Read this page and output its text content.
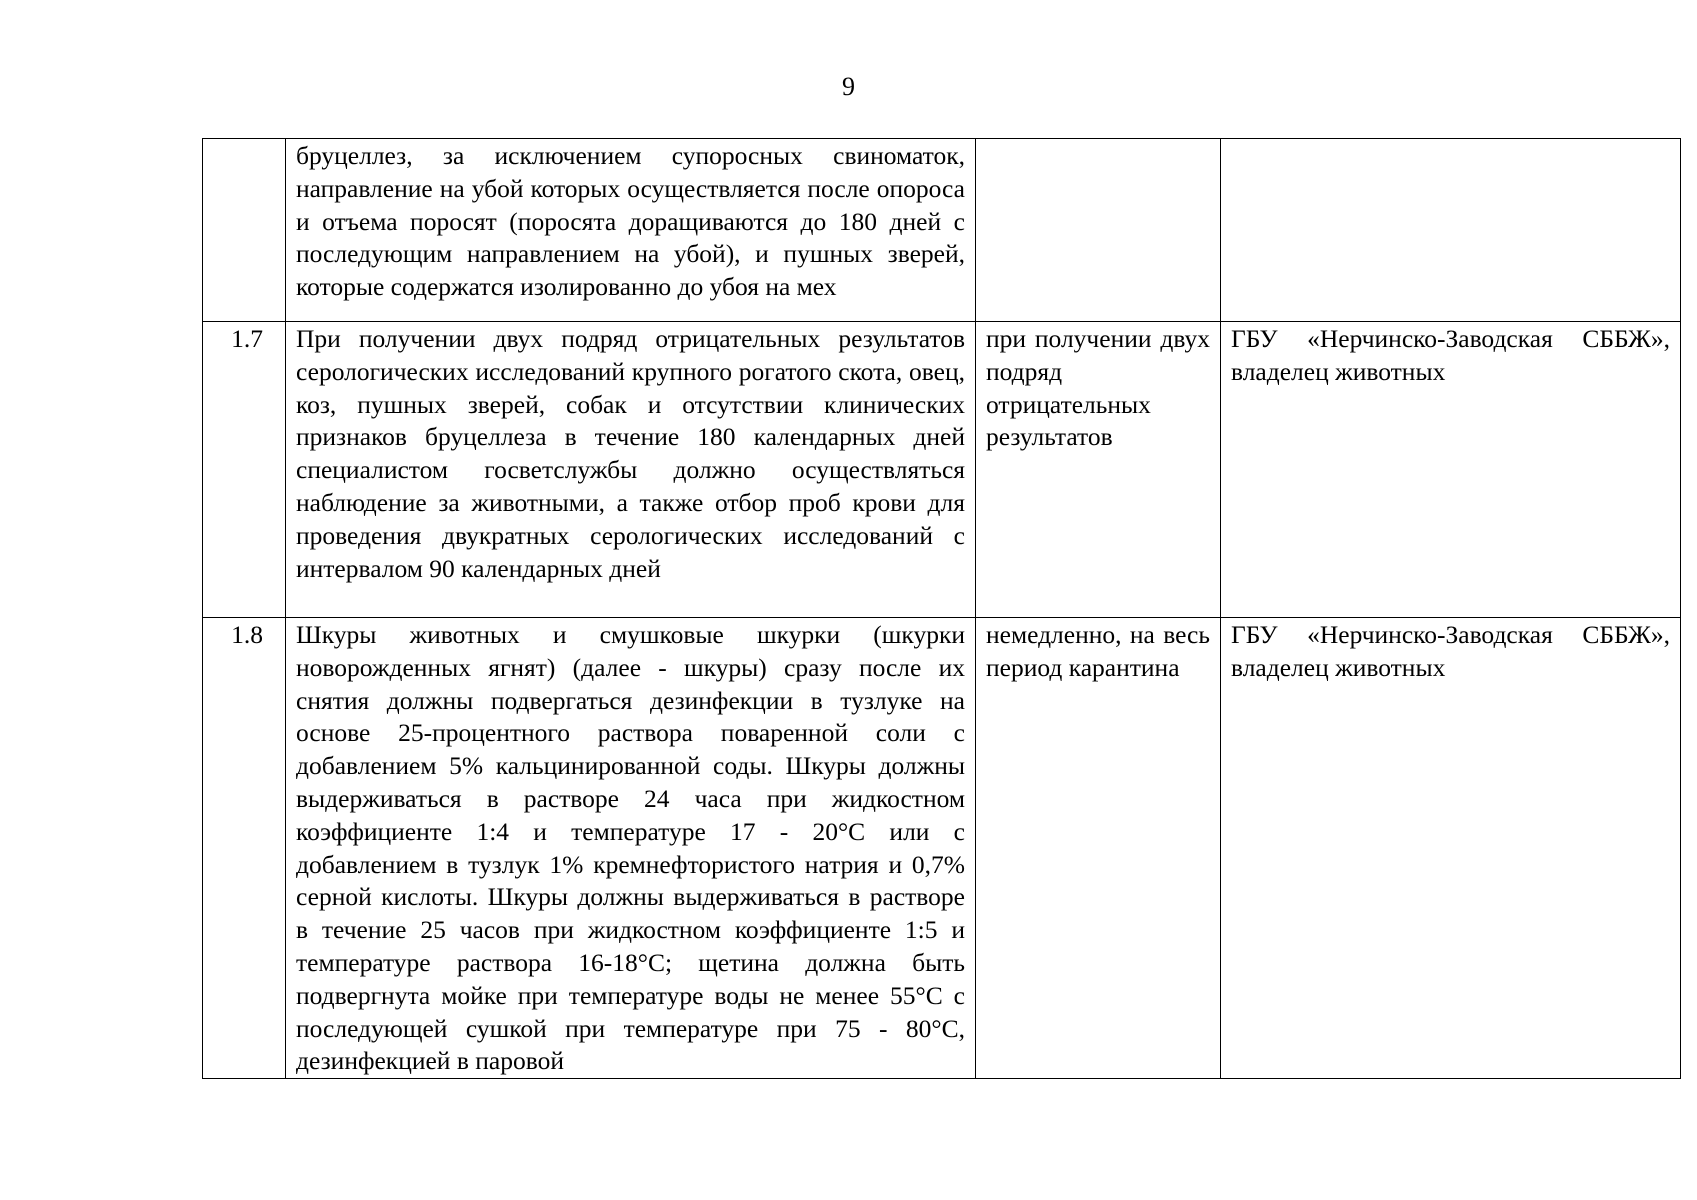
9
	бруцеллез, за исключением супоросных свиноматок, направление на убой которых осуществляется после опороса и отъема поросят (поросята доращиваются до 180 дней с последующим направлением на убой), и пушных зверей, которые содержатся изолированно до убоя на мех		
1.7	При получении двух подряд отрицательных результатов серологических исследований крупного рогатого скота, овец, коз, пушных зверей, собак и отсутствии клинических признаков бруцеллеза в течение 180 календарных дней специалистом госветслужбы должно осуществляться наблюдение за животными, а также отбор проб крови для проведения двукратных серологических исследований с интервалом 90 календарных дней	при получении двух подряд отрицательных результатов	ГБУ «Нерчинско-Заводская СББЖ», владелец животных
1.8	Шкуры животных и смушковые шкурки (шкурки новорожденных ягнят) (далее - шкуры) сразу после их снятия должны подвергаться дезинфекции в тузлуке на основе 25-процентного раствора поваренной соли с добавлением 5% кальцинированной соды. Шкуры должны выдерживаться в растворе 24 часа при жидкостном коэффициенте 1:4 и температуре 17 - 20°С или с добавлением в тузлук 1% кремнефтористого натрия и 0,7% серной кислоты. Шкуры должны выдерживаться в растворе в течение 25 часов при жидкостном коэффициенте 1:5 и температуре раствора 16-18°С; щетина должна быть подвергнута мойке при температуре воды не менее 55°С с последующей сушкой при температуре при 75 - 80°С, дезинфекцией в паровой	немедленно, на весь период карантина	ГБУ «Нерчинско-Заводская СББЖ», владелец животных
